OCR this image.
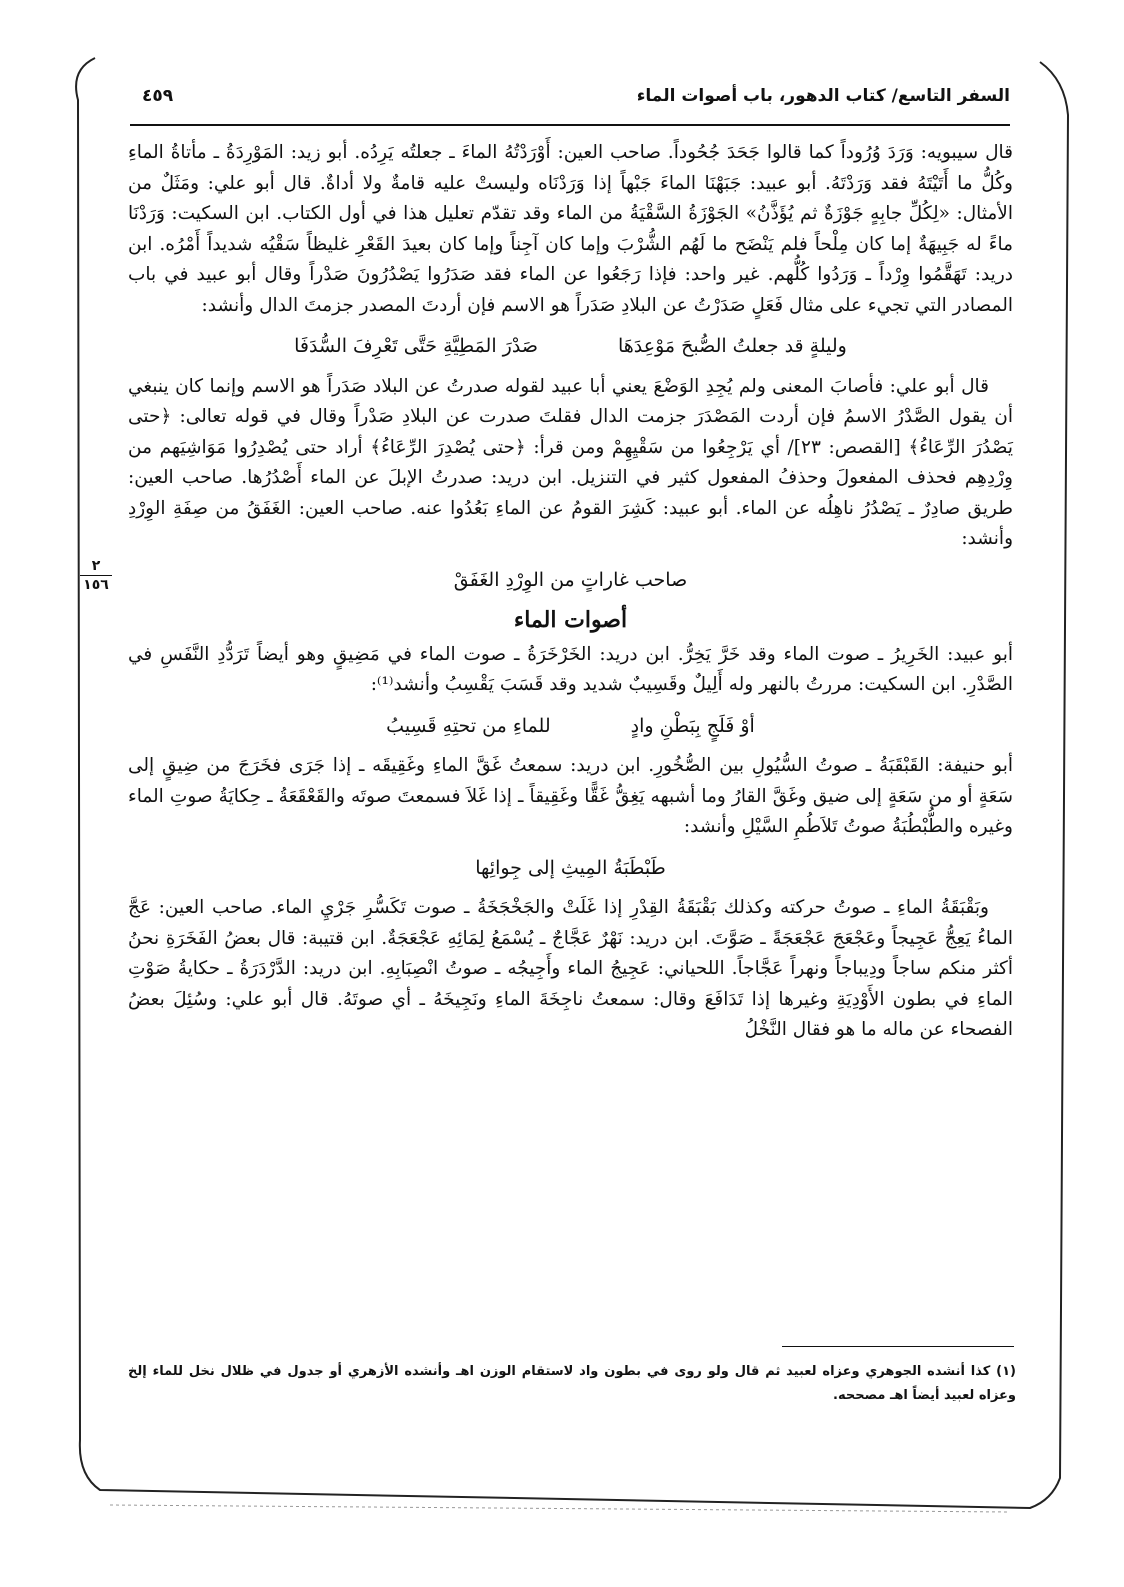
السفر التاسع/ كتاب الدهور، باب أصوات الماء
٤٥٩
٢
١٥٦

قال سيبويه: وَرَدَ وُرُوداً كما قالوا جَحَدَ جُحُوداً. صاحب العين: أَوْرَدْتُهُ الماءَ ـ جعلتُه يَرِدُه. أبو زيد: المَوْرِدَةُ ـ مأتاةُ الماءِ وكُلُّ ما أَتَيْتَهُ فقد وَرَدْتَهُ. أبو عبيد: جَبَهْنَا الماءَ جَبْهاً إذا وَرَدْنَاه وليستْ عليه قامةٌ ولا أداةٌ. قال أبو علي: ومَثَلٌ من الأمثال: «لِكُلِّ جابِهٍ جَوْزَةٌ ثم يُؤَذَّنُ» الجَوْزَةُ السَّقْيَةُ من الماء وقد تقدّم تعليل هذا في أول الكتاب. ابن السكيت: وَرَدْنَا ماءً له جَبِيهَةٌ إما كان مِلْحاً فلم يَنْضَح ما لَهُم الشُّرْبَ وإما كان آجِناً وإما كان بعيدَ القَعْرِ غليظاً سَقْيُه شديداً أَمْرُه. ابن دريد: تَهَقَّمُوا وِرْداً ـ وَرَدُوا كُلُّهم. غير واحد: فإذا رَجَعُوا عن الماء فقد صَدَرُوا يَصْدُرُونَ صَدْراً وقال أبو عبيد في باب المصادر التي تجيء على مثال فَعَلٍ صَدَرْتُ عن البلادِ صَدَراً هو الاسم فإن أردتَ المصدر جزمتَ الدال وأنشد:

وليلةٍ قد جعلتُ الصُّبحَ مَوْعِدَهَا
صَدْرَ المَطِيَّةِ حَتَّى تَعْرِفَ السُّدَفَا

قال أبو علي: فأصابَ المعنى ولم يُجِدِ الوَضْعَ يعني أبا عبيد لقوله صدرتُ عن البلاد صَدَراً هو الاسم وإنما كان ينبغي أن يقول الصَّدْرُ الاسمُ فإن أردت المَصْدَرَ جزمت الدال فقلتَ صدرت عن البلادِ صَدْراً وقال في قوله تعالى: ﴿حتى يَصْدُرَ الرِّعَاءُ﴾ [القصص: ٢٣]/ أي يَرْجِعُوا من سَقْيِهِمْ ومن قرأ: ﴿حتى يُصْدِرَ الرِّعَاءُ﴾ أراد حتى يُصْدِرُوا مَوَاشِيَهم من وِرْدِهِم فحذف المفعولَ وحذفُ المفعول كثير في التنزيل. ابن دريد: صدرتُ الإبلَ عن الماء أَصْدُرُها. صاحب العين: طريق صادِرٌ ـ يَصْدُرُ ناهِلُه عن الماء. أبو عبيد: كَشِرَ القومُ عن الماءِ بَعُدُوا عنه. صاحب العين: الغَفَقُ من صِفَةِ الوِرْدِ وأنشد:

صاحب غاراتٍ من الوِرْدِ الغَفَقْ
أصوات الماء

أبو عبيد: الخَرِيرُ ـ صوت الماء وقد خَرَّ يَخِرُّ. ابن دريد: الخَرْخَرَةُ ـ صوت الماء في مَضِيقٍ وهو أيضاً تَرَدُّدِ النَّفَسِ في الصَّدْرِ. ابن السكيت: مررتُ بالنهر وله أَلِيلٌ وقَسِيبٌ شديد وقد قَسَبَ يَقْسِبُ وأنشد⁽¹⁾:

أوْ فَلَجٍ بِبَطْنِ وادٍ
للماءِ من تحتِهِ قَسِيبُ

أبو حنيفة: القَبْقَبَةُ ـ صوتُ السُّيُولِ بين الصُّخُورِ. ابن دريد: سمعتُ غَقَّ الماءِ وغَقِيقَه ـ إذا جَرَى فخَرَجَ من ضِيقٍ إلى سَعَةٍ أو من سَعَةٍ إلى ضيق وغَقَّ القارُ وما أشبهه يَغِقُّ غَقًّا وغَقِيقاً ـ إذا غَلاَ فسمعتَ صوتَه والقَعْقَعَةُ ـ حِكايَةُ صوتِ الماء وغيره والطُّبْطُبَةُ صوتُ تَلاَطُمِ السَّيْلِ وأنشد:

طَبْطَبَةُ المِيثِ إلى جِوائِها

وبَقْبَقَةُ الماءِ ـ صوتُ حركته وكذلك بَقْبَقَةُ القِدْرِ إذا غَلَتْ والجَخْجَخَةُ ـ صوت تَكَسُّرِ جَرْيِ الماء. صاحب العين: عَجَّ الماءُ يَعِجُّ عَجِيجاً وعَجْعَجَ عَجْعَجَةً ـ صَوَّتَ. ابن دريد: نَهْرٌ عَجَّاجٌ ـ يُسْمَعُ لِمَائِهِ عَجْعَجَةٌ. ابن قتيبة: قال بعضُ الفَخَرَةِ نحنُ أكثر منكم ساجاً ودِيباجاً ونهراً عَجَّاجاً. اللحياني: عَجِيجُ الماء وأَجِيجُه ـ صوتُ انْصِبَابِهِ. ابن دريد: الدَّرْدَرَةُ ـ حكايةُ صَوْتِ الماءِ في بطون الأَوْدِيَةِ وغيرها إذا تَدَافَعَ وقال: سمعتُ ناجِخَةَ الماءِ ونَجِيخَهُ ـ أي صوتَهُ. قال أبو علي: وسُئِلَ بعضُ الفصحاء عن ماله ما هو فقال النَّخْلُ

(١) كذا أنشده الجوهري وعزاه لعبيد ثم قال ولو روى في بطون واد لاستقام الوزن اهـ وأنشده الأزهري أو جدول في ظلال نخل للماء إلخ وعزاه لعبيد أيضاً اهـ مصححه.
